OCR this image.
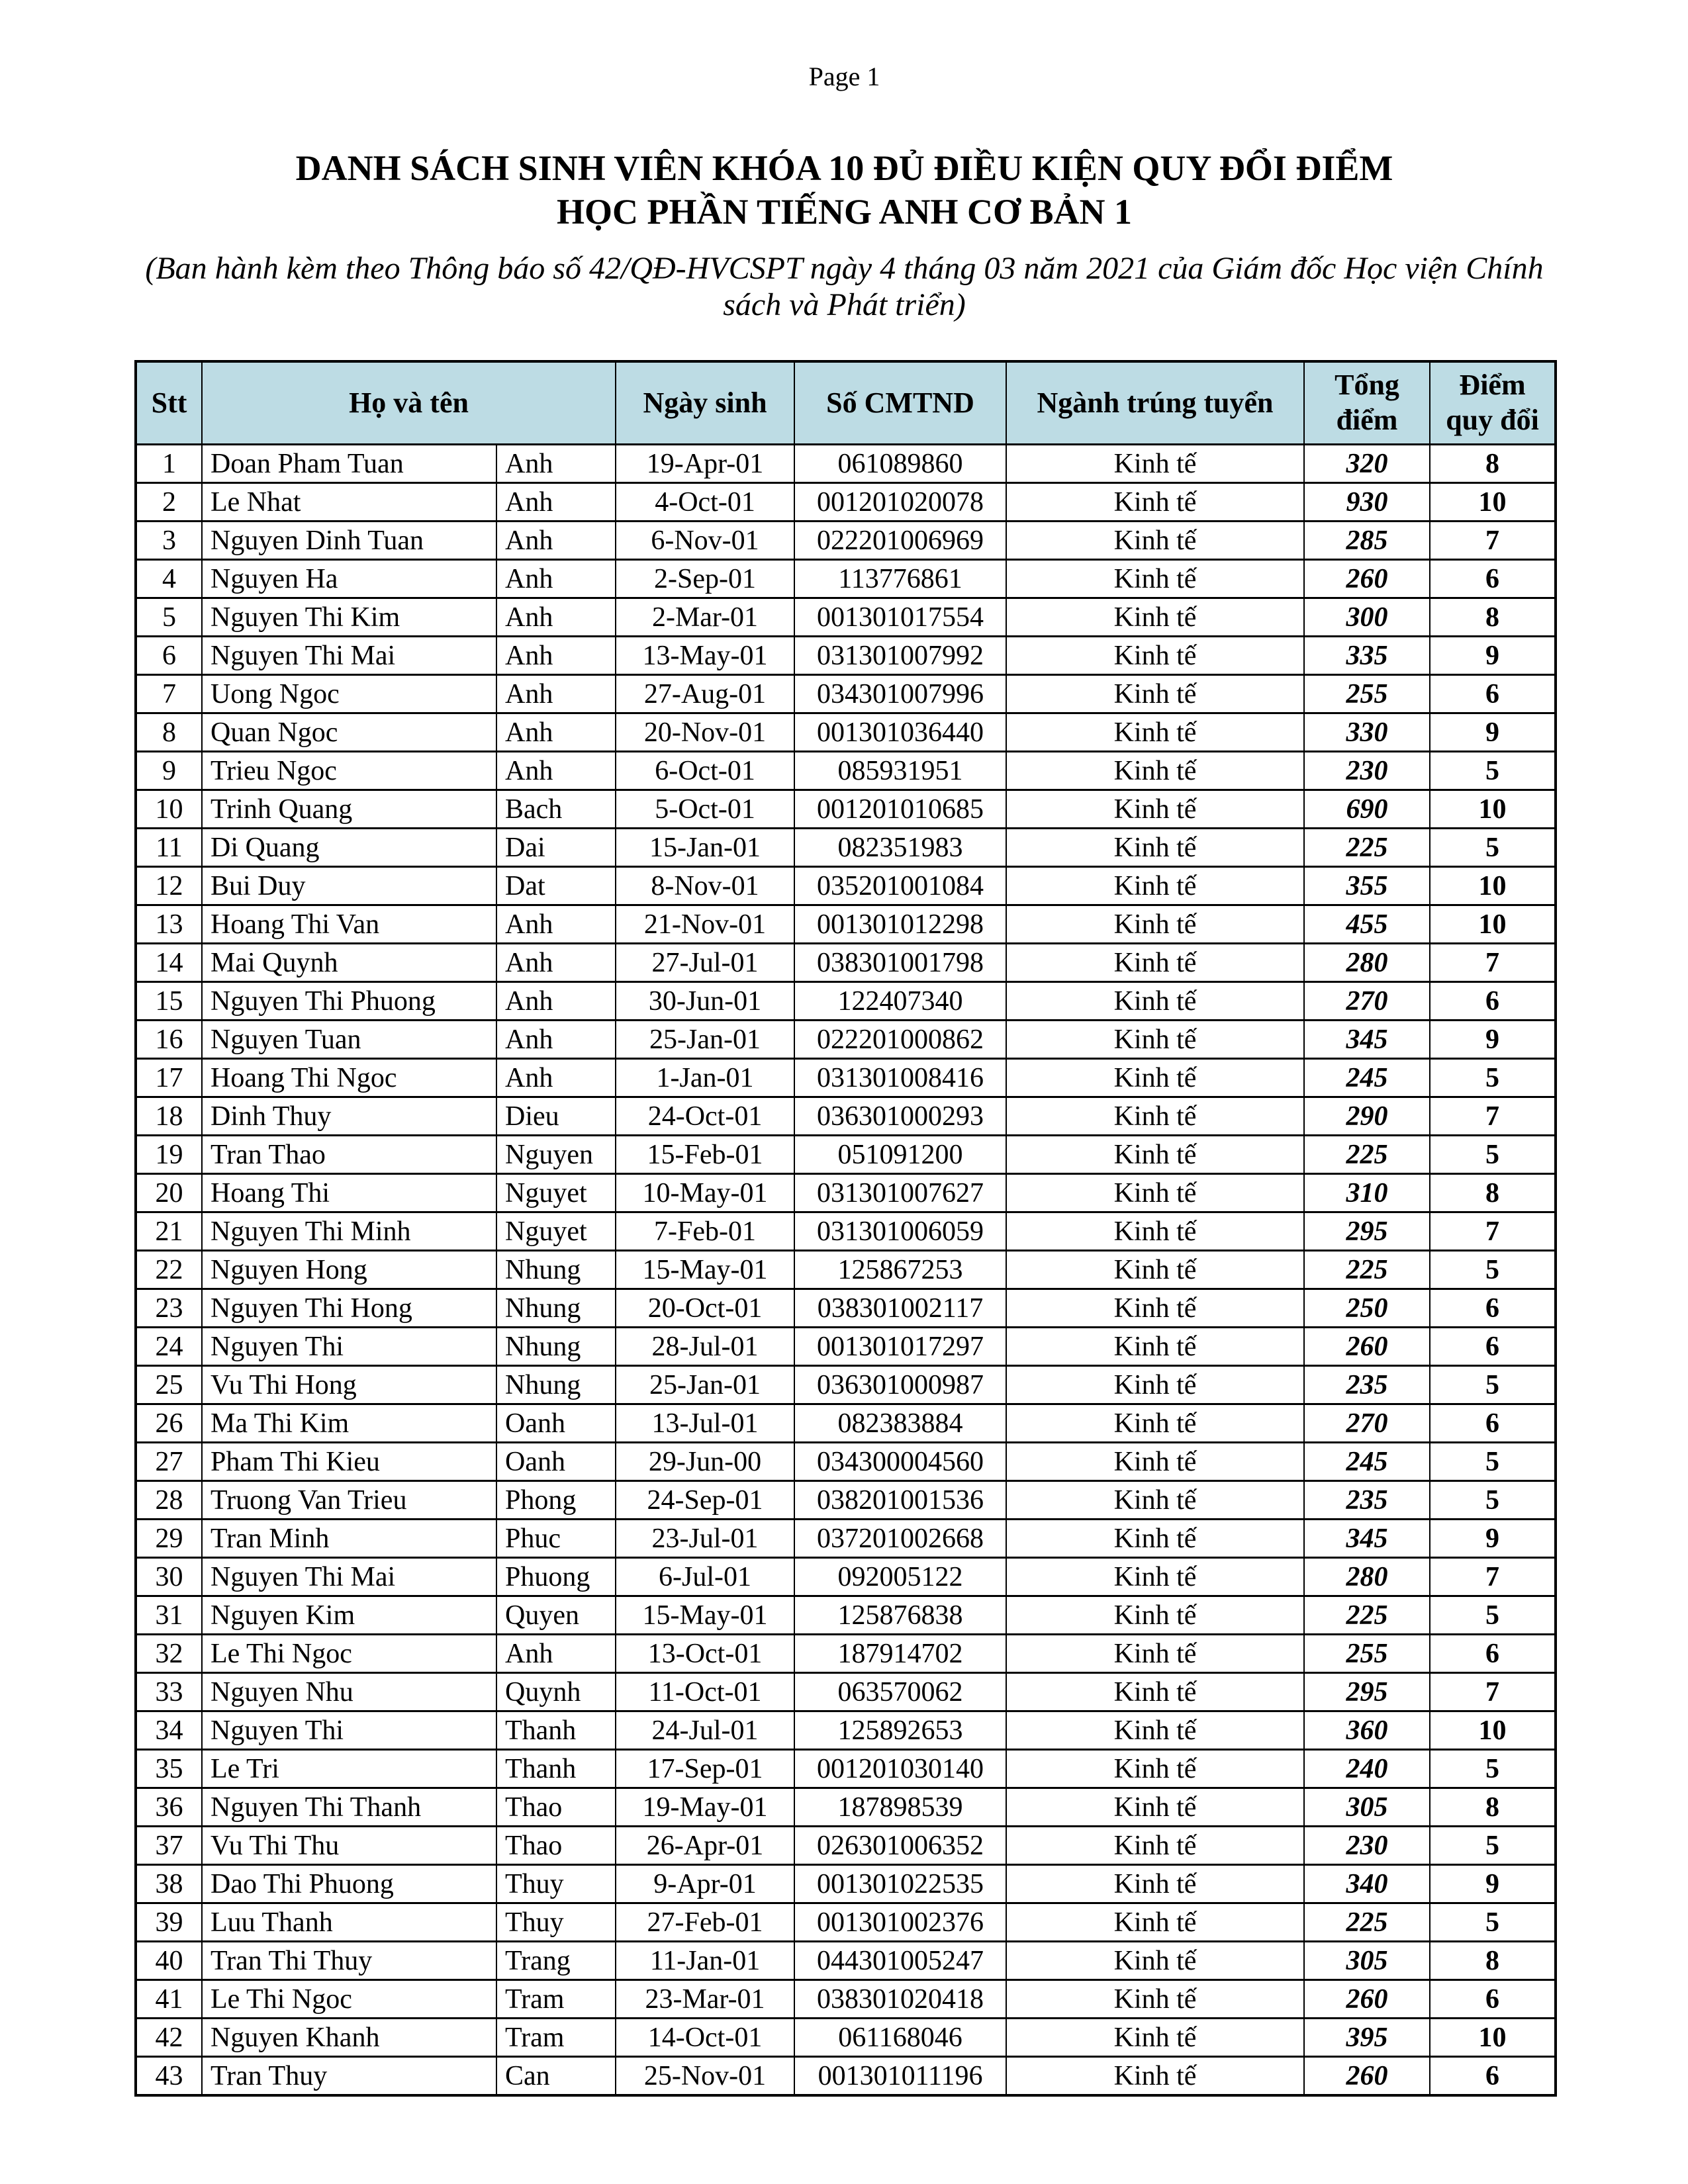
Page 1
DANH SÁCH SINH VIÊN KHÓA 10 ĐỦ ĐIỀU KIỆN QUY ĐỔI ĐIỂM
HỌC PHẦN TIẾNG ANH CƠ BẢN 1
(Ban hành kèm theo Thông báo số 42/QĐ-HVCSPT ngày 4 tháng 03 năm 2021 của Giám đốc Học viện Chính sách và Phát triển)
Stt	Họ và tên		Ngày sinh	Số CMTND	Ngành trúng tuyển	Tổng điểm	Điểm quy đổi
1	Doan Pham Tuan	Anh	19-Apr-01	061089860	Kinh tế	320	8
2	Le Nhat	Anh	4-Oct-01	001201020078	Kinh tế	930	10
3	Nguyen Dinh Tuan	Anh	6-Nov-01	022201006969	Kinh tế	285	7
4	Nguyen Ha	Anh	2-Sep-01	113776861	Kinh tế	260	6
5	Nguyen Thi Kim	Anh	2-Mar-01	001301017554	Kinh tế	300	8
6	Nguyen Thi Mai	Anh	13-May-01	031301007992	Kinh tế	335	9
7	Uong Ngoc	Anh	27-Aug-01	034301007996	Kinh tế	255	6
8	Quan Ngoc	Anh	20-Nov-01	001301036440	Kinh tế	330	9
9	Trieu Ngoc	Anh	6-Oct-01	085931951	Kinh tế	230	5
10	Trinh Quang	Bach	5-Oct-01	001201010685	Kinh tế	690	10
11	Di Quang	Dai	15-Jan-01	082351983	Kinh tế	225	5
12	Bui Duy	Dat	8-Nov-01	035201001084	Kinh tế	355	10
13	Hoang Thi Van	Anh	21-Nov-01	001301012298	Kinh tế	455	10
14	Mai Quynh	Anh	27-Jul-01	038301001798	Kinh tế	280	7
15	Nguyen Thi Phuong	Anh	30-Jun-01	122407340	Kinh tế	270	6
16	Nguyen Tuan	Anh	25-Jan-01	022201000862	Kinh tế	345	9
17	Hoang Thi Ngoc	Anh	1-Jan-01	031301008416	Kinh tế	245	5
18	Dinh Thuy	Dieu	24-Oct-01	036301000293	Kinh tế	290	7
19	Tran Thao	Nguyen	15-Feb-01	051091200	Kinh tế	225	5
20	Hoang Thi	Nguyet	10-May-01	031301007627	Kinh tế	310	8
21	Nguyen Thi Minh	Nguyet	7-Feb-01	031301006059	Kinh tế	295	7
22	Nguyen Hong	Nhung	15-May-01	125867253	Kinh tế	225	5
23	Nguyen Thi Hong	Nhung	20-Oct-01	038301002117	Kinh tế	250	6
24	Nguyen Thi	Nhung	28-Jul-01	001301017297	Kinh tế	260	6
25	Vu Thi Hong	Nhung	25-Jan-01	036301000987	Kinh tế	235	5
26	Ma Thi Kim	Oanh	13-Jul-01	082383884	Kinh tế	270	6
27	Pham Thi Kieu	Oanh	29-Jun-00	034300004560	Kinh tế	245	5
28	Truong Van Trieu	Phong	24-Sep-01	038201001536	Kinh tế	235	5
29	Tran Minh	Phuc	23-Jul-01	037201002668	Kinh tế	345	9
30	Nguyen Thi Mai	Phuong	6-Jul-01	092005122	Kinh tế	280	7
31	Nguyen Kim	Quyen	15-May-01	125876838	Kinh tế	225	5
32	Le Thi Ngoc	Anh	13-Oct-01	187914702	Kinh tế	255	6
33	Nguyen Nhu	Quynh	11-Oct-01	063570062	Kinh tế	295	7
34	Nguyen Thi	Thanh	24-Jul-01	125892653	Kinh tế	360	10
35	Le Tri	Thanh	17-Sep-01	001201030140	Kinh tế	240	5
36	Nguyen Thi Thanh	Thao	19-May-01	187898539	Kinh tế	305	8
37	Vu Thi Thu	Thao	26-Apr-01	026301006352	Kinh tế	230	5
38	Dao Thi Phuong	Thuy	9-Apr-01	001301022535	Kinh tế	340	9
39	Luu Thanh	Thuy	27-Feb-01	001301002376	Kinh tế	225	5
40	Tran Thi Thuy	Trang	11-Jan-01	044301005247	Kinh tế	305	8
41	Le Thi Ngoc	Tram	23-Mar-01	038301020418	Kinh tế	260	6
42	Nguyen Khanh	Tram	14-Oct-01	061168046	Kinh tế	395	10
43	Tran Thuy	Can	25-Nov-01	001301011196	Kinh tế	260	6
